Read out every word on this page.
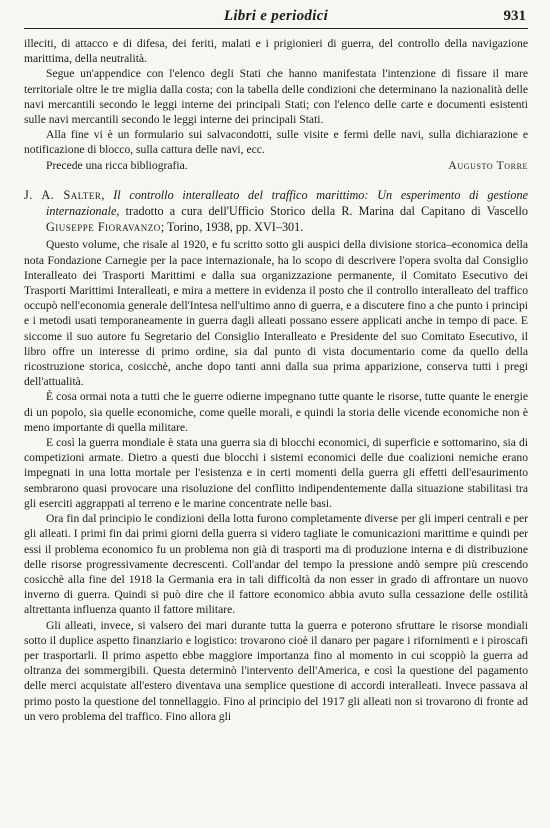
Libri e periodici	931

illeciti, di attacco e di difesa, dei feriti, malati e i prigionieri di guerra, del controllo della navigazione marittima, della neutralità.

Segue un'appendice con l'elenco degli Stati che hanno manifestata l'intenzione di fissare il mare territoriale oltre le tre miglia dalla costa; con la tabella delle condizioni che determinano la nazionalità delle navi mercantili secondo le leggi interne dei principali Stati; con l'elenco delle carte e documenti esistenti sulle navi mercantili secondo le leggi interne dei principali Stati.

Alla fine vi è un formulario sui salvacondotti, sulle visite e fermi delle navi, sulla dichiarazione e notificazione di blocco, sulla cattura delle navi, ecc.

Precede una ricca bibliografia.	Augusto Torre

J. A. Salter, Il controllo interalleato del traffico marittimo: Un esperimento di gestione internazionale, tradotto a cura dell'Ufficio Storico della R. Marina dal Capitano di Vascello Giuseppe Fioravanzo; Torino, 1938, pp. XVI–301.

Questo volume, che risale al 1920, e fu scritto sotto gli auspici della divisione storica–economica della nota Fondazione Carnegie per la pace internazionale, ha lo scopo di descrivere l'opera svolta dal Consiglio Interalleato dei Trasporti Marittimi e dalla sua organizzazione permanente, il Comitato Esecutivo dei Trasporti Marittimi Interalleati, e mira a mettere in evidenza il posto che il controllo interalleato del traffico occupò nell'economia generale dell'Intesa nell'ultimo anno di guerra, e a discutere fino a che punto i principi e i metodi usati temporaneamente in guerra dagli alleati possano essere applicati anche in tempo di pace. E siccome il suo autore fu Segretario del Consiglio Interalleato e Presidente del suo Comitato Esecutivo, il libro offre un interesse di primo ordine, sia dal punto di vista documentario come da quello della ricostruzione storica, cosicchè, anche dopo tanti anni dalla sua prima apparizione, conserva tutti i pregi dell'attualità.

È cosa ormai nota a tutti che le guerre odierne impegnano tutte quante le risorse, tutte quante le energie di un popolo, sia quelle economiche, come quelle morali, e quindi la storia delle vicende economiche non è meno importante di quella militare.

E così la guerra mondiale è stata una guerra sia di blocchi economici, di superficie e sottomarino, sia di competizioni armate. Dietro a questi due blocchi i sistemi economici delle due coalizioni nemiche erano impegnati in una lotta mortale per l'esistenza e in certi momenti della guerra gli effetti dell'esaurimento sembrarono quasi provocare una risoluzione del conflitto indipendentemente dalla situazione stabilitasi tra gli eserciti aggrappati al terreno e le marine concentrate nelle basi.

Ora fin dal principio le condizioni della lotta furono completamente diverse per gli imperi centrali e per gli alleati. I primi fin dai primi giorni della guerra si videro tagliate le comunicazioni marittime e quindi per essi il problema economico fu un problema non già di trasporti ma di produzione interna e di distribuzione delle risorse progressivamente decrescenti. Coll'andar del tempo la pressione andò sempre più crescendo cosicchè alla fine del 1918 la Germania era in tali difficoltà da non esser in grado di affrontare un nuovo inverno di guerra. Quindi si può dire che il fattore economico abbia avuto sulla cessazione delle ostilità altrettanta influenza quanto il fattore militare.

Gli alleati, invece, si valsero dei mari durante tutta la guerra e poterono sfruttare le risorse mondiali sotto il duplice aspetto finanziario e logistico: trovarono cioè il danaro per pagare i rifornimenti e i piroscafi per trasportarli. Il primo aspetto ebbe maggiore importanza fino al momento in cui scoppiò la guerra ad oltranza dei sommergibili. Questa determinò l'intervento dell'America, e così la questione del pagamento delle merci acquistate all'estero diventava una semplice questione di accordi interalleati. Invece passava al primo posto la questione del tonnellaggio. Fino al principio del 1917 gli alleati non si trovarono di fronte ad un vero problema del traffico. Fino allora gli
